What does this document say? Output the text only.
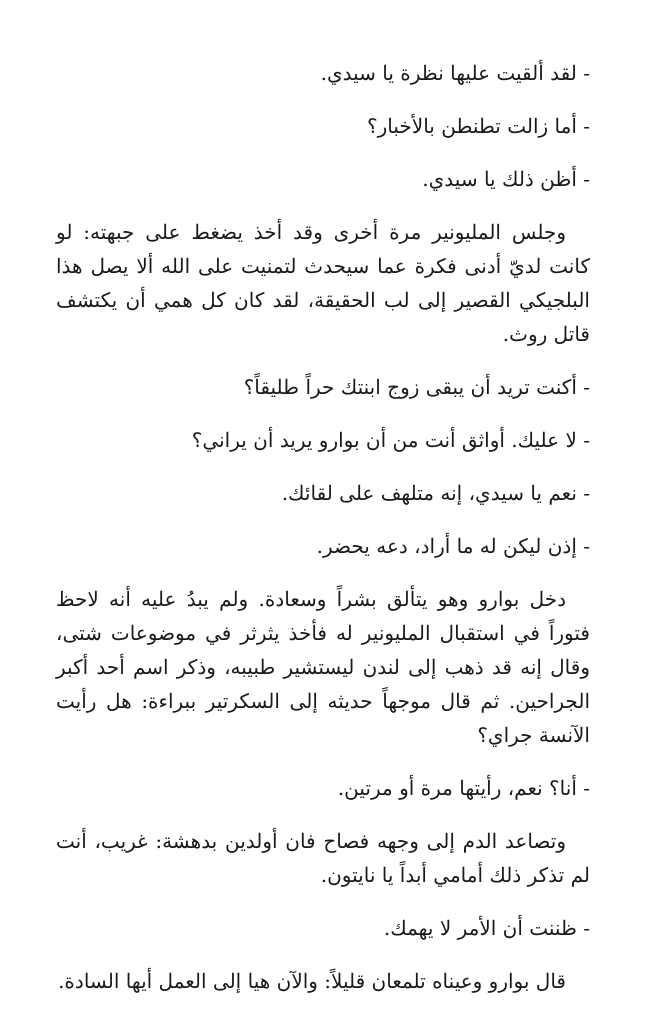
- لقد ألقيت عليها نظرة يا سيدي.

- أما زالت تطنطن بالأخبار؟

- أظن ذلك يا سيدي.

وجلس المليونير مرة أخرى وقد أخذ يضغط على جبهته: لو كانت لديّ أدنى فكرة عما سيحدث لتمنيت على الله ألا يصل هذا البلجيكي القصير إلى لب الحقيقة، لقد كان كل همي أن يكتشف قاتل روث.

- أكنت تريد أن يبقى زوج ابنتك حراً طليقاً؟

- لا عليك. أواثق أنت من أن بوارو يريد أن يراني؟

- نعم يا سيدي، إنه متلهف على لقائك.

- إذن ليكن له ما أراد، دعه يحضر.

دخل بوارو وهو يتألق بشراً وسعادة. ولم يبدُ عليه أنه لاحظ فتوراً في استقبال المليونير له فأخذ يثرثر في موضوعات شتى، وقال إنه قد ذهب إلى لندن ليستشير طبيبه، وذكر اسم أحد أكبر الجراحين. ثم قال موجهاً حديثه إلى السكرتير ببراءة: هل رأيت الآنسة جراي؟

- أنا؟ نعم، رأيتها مرة أو مرتين.

وتصاعد الدم إلى وجهه فصاح فان أولدين بدهشة: غريب، أنت لم تذكر ذلك أمامي أبداً يا نايتون.

- ظننت أن الأمر لا يهمك.

قال بوارو وعيناه تلمعان قليلاً: والآن هيا إلى العمل أيها السادة.
